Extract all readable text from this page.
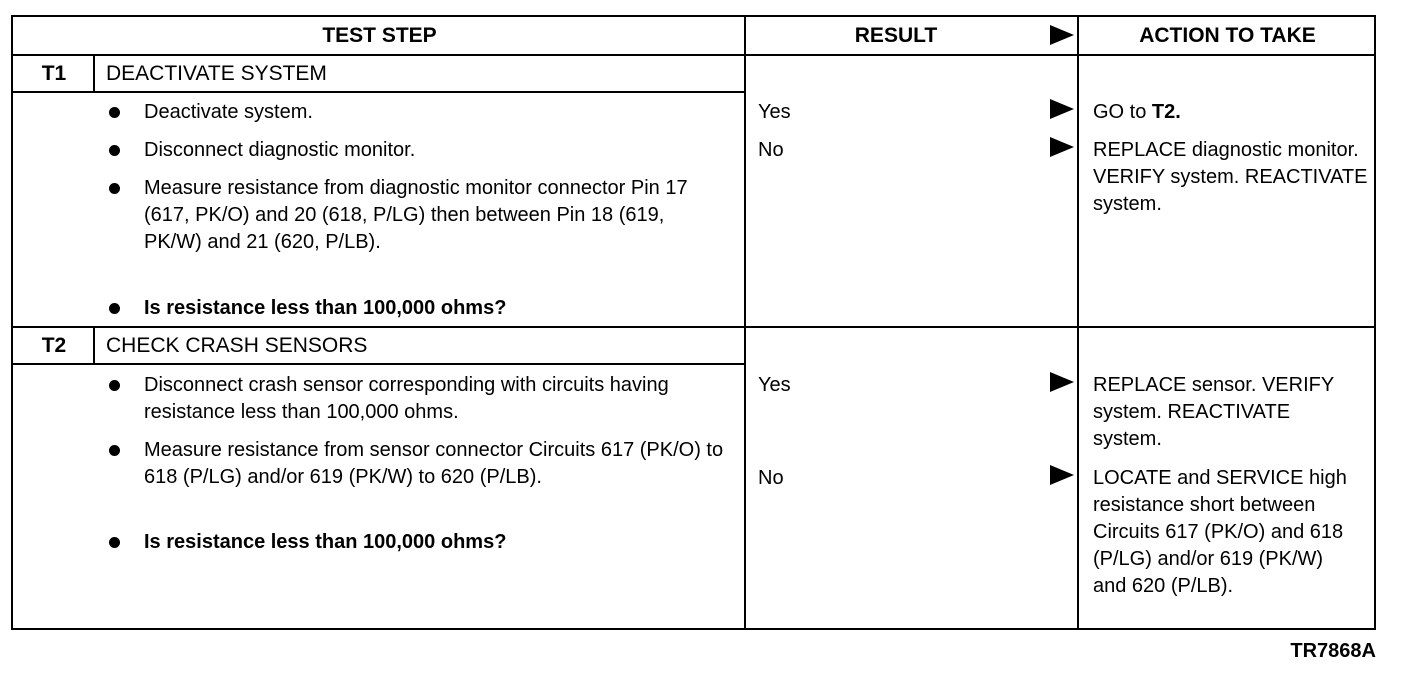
TEST STEP	RESULT	ACTION TO TAKE
T1	DEACTIVATE SYSTEM
Deactivate system.
Disconnect diagnostic monitor.
Measure resistance from diagnostic monitor connector Pin 17 (617, PK/O) and 20 (618, P/LG) then between Pin 18 (619, PK/W) and 21 (620, P/LB).
Is resistance less than 100,000 ohms?
Yes	GO to T2.
No	REPLACE diagnostic monitor. VERIFY system. REACTIVATE system.
T2	CHECK CRASH SENSORS
Disconnect crash sensor corresponding with circuits having resistance less than 100,000 ohms.
Measure resistance from sensor connector Circuits 617 (PK/O) to 618 (P/LG) and/or 619 (PK/W) to 620 (P/LB).
Is resistance less than 100,000 ohms?
Yes	REPLACE sensor. VERIFY system. REACTIVATE system.
No	LOCATE and SERVICE high resistance short between Circuits 617 (PK/O) and 618 (P/LG) and/or 619 (PK/W) and 620 (P/LB).
TR7868A
